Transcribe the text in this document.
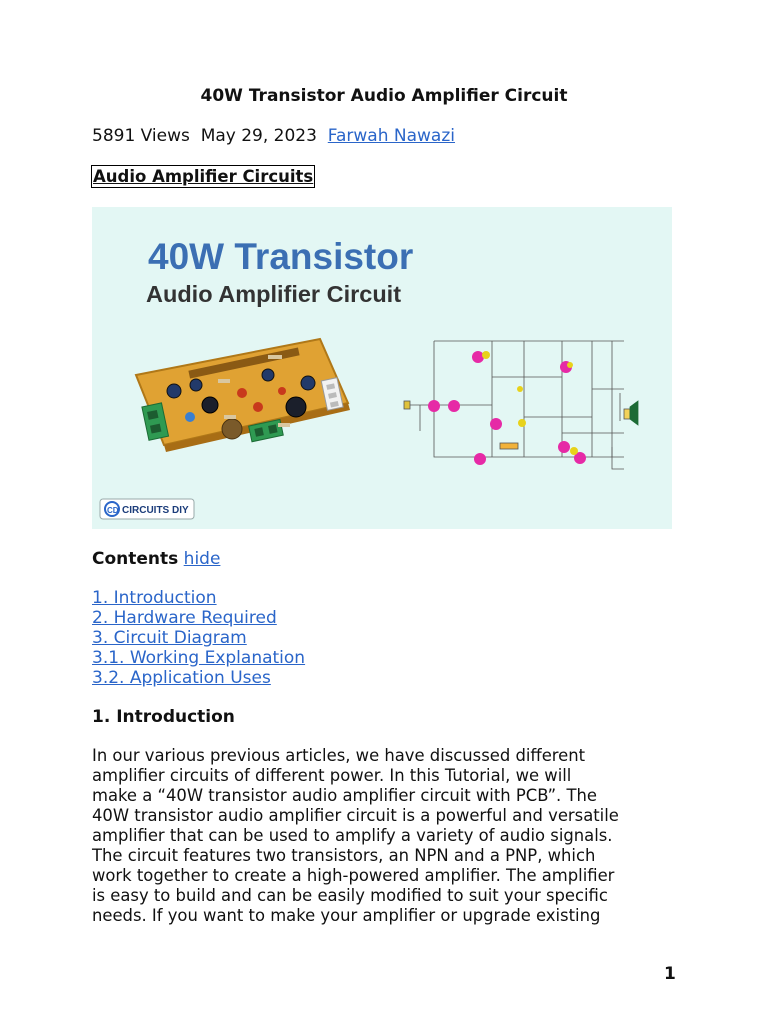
40W Transistor Audio Amplifier Circuit
5891 Views May 29, 2023 Farwah Nawazi
Audio Amplifier Circuits
40W Transistor
Audio Amplifier Circuit
CD CIRCUITS DIY
Contents hide
1. Introduction
2. Hardware Required
3. Circuit Diagram
3.1. Working Explanation
3.2. Application Uses
1. Introduction
In our various previous articles, we have discussed different
amplifier circuits of different power. In this Tutorial, we will
make a “40W transistor audio amplifier circuit with PCB”. The
40W transistor audio amplifier circuit is a powerful and versatile
amplifier that can be used to amplify a variety of audio signals.
The circuit features two transistors, an NPN and a PNP, which
work together to create a high-powered amplifier. The amplifier
is easy to build and can be easily modified to suit your specific
needs. If you want to make your amplifier or upgrade existing
1
